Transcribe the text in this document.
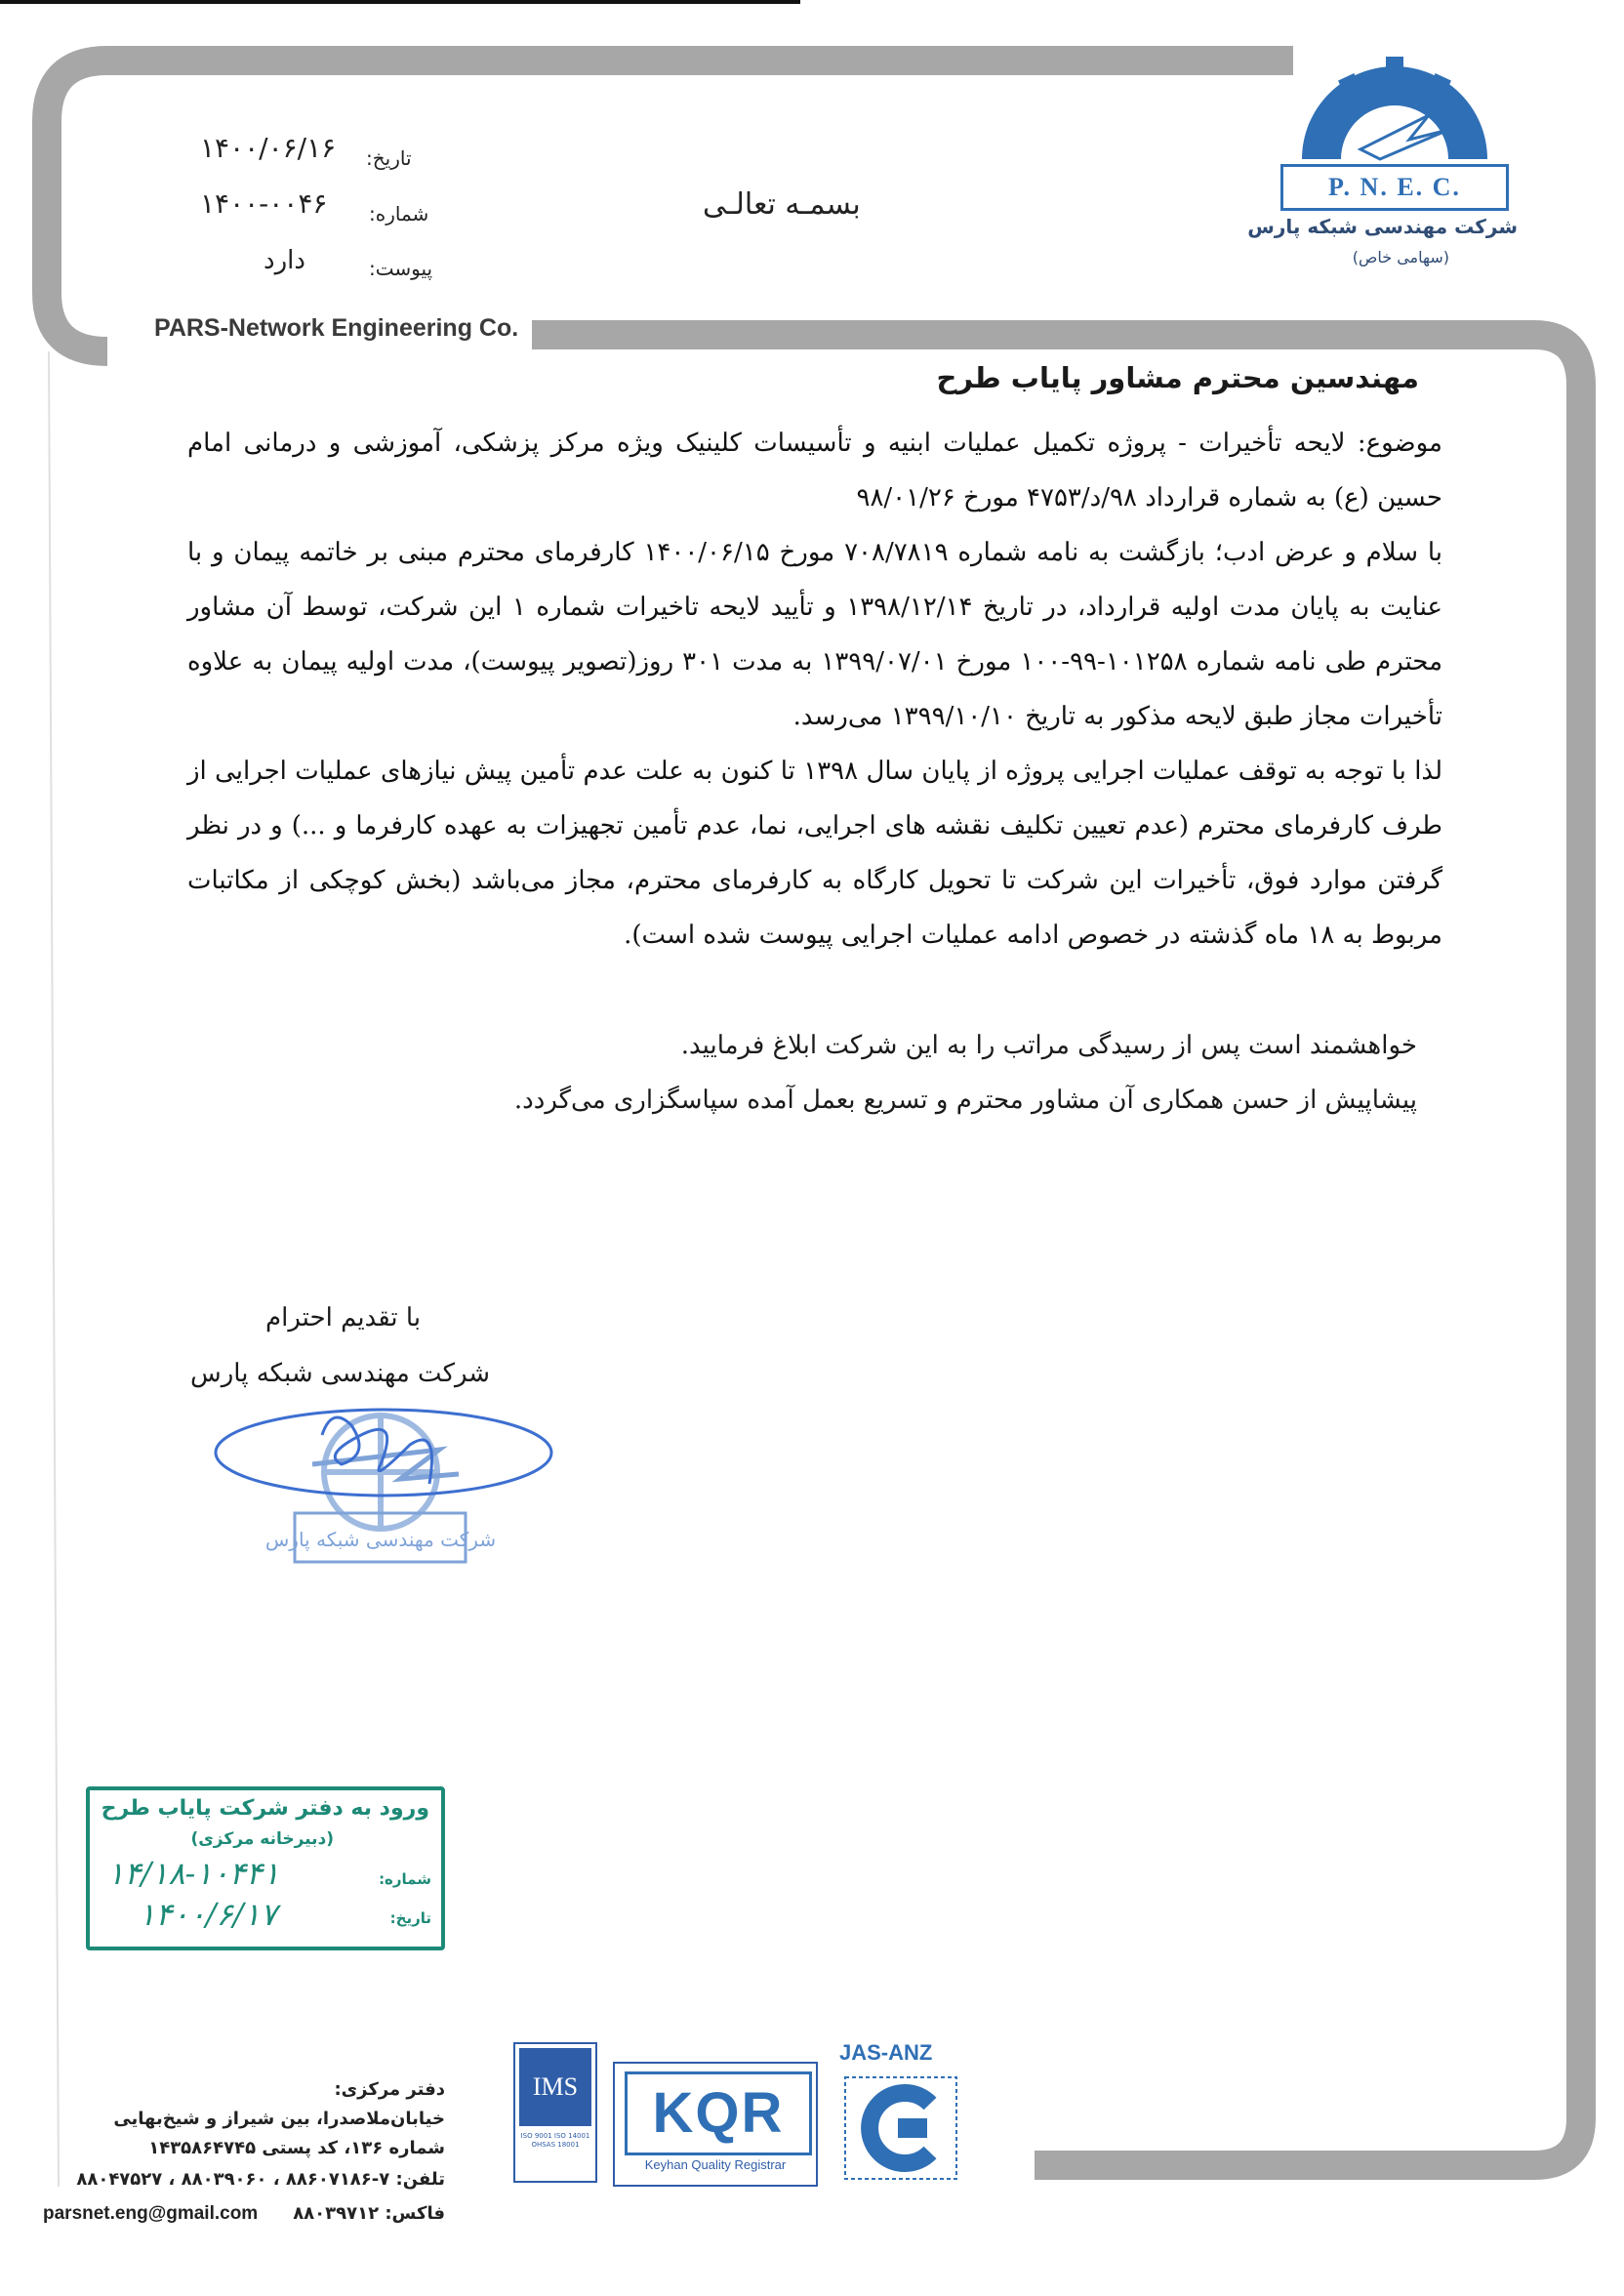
PARS-Network Engineering Co.
P. N. E. C.
شرکت مهندسی شبکه پارس
(سهامی خاص)
تاریخ:
۱۴۰۰/۰۶/۱۶
شماره:
۱۴۰۰-۰۰۴۶
پیوست:
دارد
بسمـه تعالـی
مهندسین محترم مشاور پایاب طرح
موضوع: لایحه تأخیرات - پروژه تکمیل عملیات ابنیه و تأسیسات کلینیک ویژه مرکز پزشکی، آموزشی و درمانی امام حسین (ع) به شماره قرارداد ۹۸/د/۴۷۵۳ مورخ ۹۸/۰۱/۲۶
با سلام و عرض ادب؛ بازگشت به نامه شماره ۷۰۸/۷۸۱۹ مورخ ۱۴۰۰/۰۶/۱۵ کارفرمای محترم مبنی بر خاتمه پیمان و با عنایت به پایان مدت اولیه قرارداد، در تاریخ ۱۳۹۸/۱۲/۱۴ و تأیید لایحه تاخیرات شماره ۱ این شرکت، توسط آن مشاور محترم طی نامه شماره ۱۰۱۲۵۸-۹۹-۱۰۰ مورخ ۱۳۹۹/۰۷/۰۱ به مدت ۳۰۱ روز(تصویر پیوست)، مدت اولیه پیمان به علاوه تأخیرات مجاز طبق لایحه مذکور به تاریخ ۱۳۹۹/۱۰/۱۰ می‌رسد.
لذا با توجه به توقف عملیات اجرایی پروژه از پایان سال ۱۳۹۸ تا کنون به علت عدم تأمین پیش نیازهای عملیات اجرایی از طرف کارفرمای محترم (عدم تعیین تکلیف نقشه های اجرایی، نما، عدم تأمین تجهیزات به عهده کارفرما و ...) و در نظر گرفتن موارد فوق، تأخیرات این شرکت تا تحویل کارگاه به کارفرمای محترم، مجاز می‌باشد (بخش کوچکی از مکاتبات مربوط به ۱۸ ماه گذشته در خصوص ادامه عملیات اجرایی پیوست شده است).
خواهشمند است پس از رسیدگی مراتب را به این شرکت ابلاغ فرمایید.
پیشاپیش از حسن همکاری آن مشاور محترم و تسریع بعمل آمده سپاسگزاری می‌گردد.
با تقدیم احترام
شرکت مهندسی شبکه پارس
شرکت مهندسی شبکه پارس
ورود به دفتر شرکت پایاب طرح
(دبیرخانه مرکزی)
شماره:
۱۴/۱۸-۱۰۴۴۱
تاریخ:
۱۴۰۰/۶/۱۷
دفتر مرکزی:
خیابان‌ملاصدرا، بین شیراز و شیخ‌بهایی
شماره ۱۳۶، کد پستی ۱۴۳۵۸۶۴۷۴۵
تلفن: ۷-۸۸۶۰۷۱۸۶ ، ۸۸۰۳۹۰۶۰ ، ۸۸۰۴۷۵۲۷
فاکس: ۸۸۰۳۹۷۱۲
parsnet.eng@gmail.com
IMS
ISO 9001 ISO 14001 OHSAS 18001	KQR
Keyhan Quality Registrar
JAS-ANZ
